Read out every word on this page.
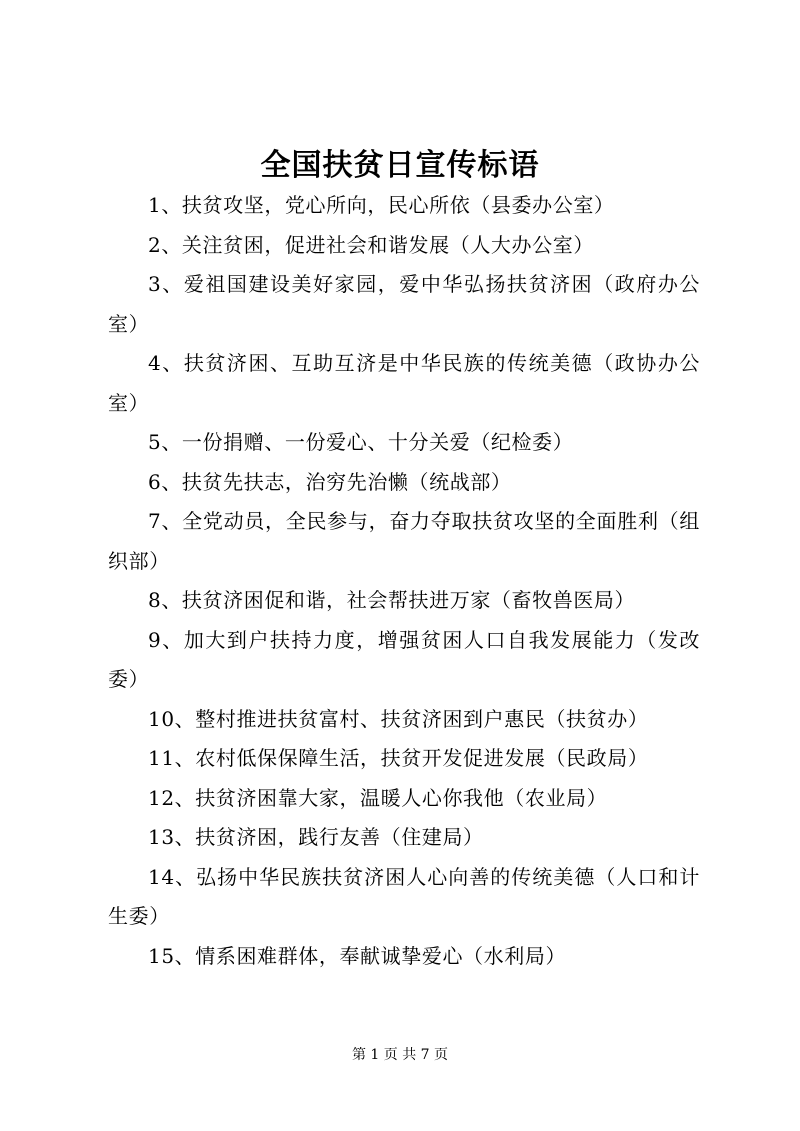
全国扶贫日宣传标语

1、扶贫攻坚，党心所向，民心所依（县委办公室）

2、关注贫困，促进社会和谐发展（人大办公室）

3、爱祖国建设美好家园，爱中华弘扬扶贫济困（政府办公室）

4、扶贫济困、互助互济是中华民族的传统美德（政协办公室）

5、一份捐赠、一份爱心、十分关爱（纪检委）

6、扶贫先扶志，治穷先治懒（统战部）

7、全党动员，全民参与，奋力夺取扶贫攻坚的全面胜利（组织部）

8、扶贫济困促和谐，社会帮扶进万家（畜牧兽医局）

9、加大到户扶持力度，增强贫困人口自我发展能力（发改委）

10、整村推进扶贫富村、扶贫济困到户惠民（扶贫办）

11、农村低保保障生活，扶贫开发促进发展（民政局）

12、扶贫济困靠大家，温暖人心你我他（农业局）

13、扶贫济困，践行友善（住建局）

14、弘扬中华民族扶贫济困人心向善的传统美德（人口和计生委）

15、情系困难群体，奉献诚挚爱心（水利局）

第 1 页 共 7 页
